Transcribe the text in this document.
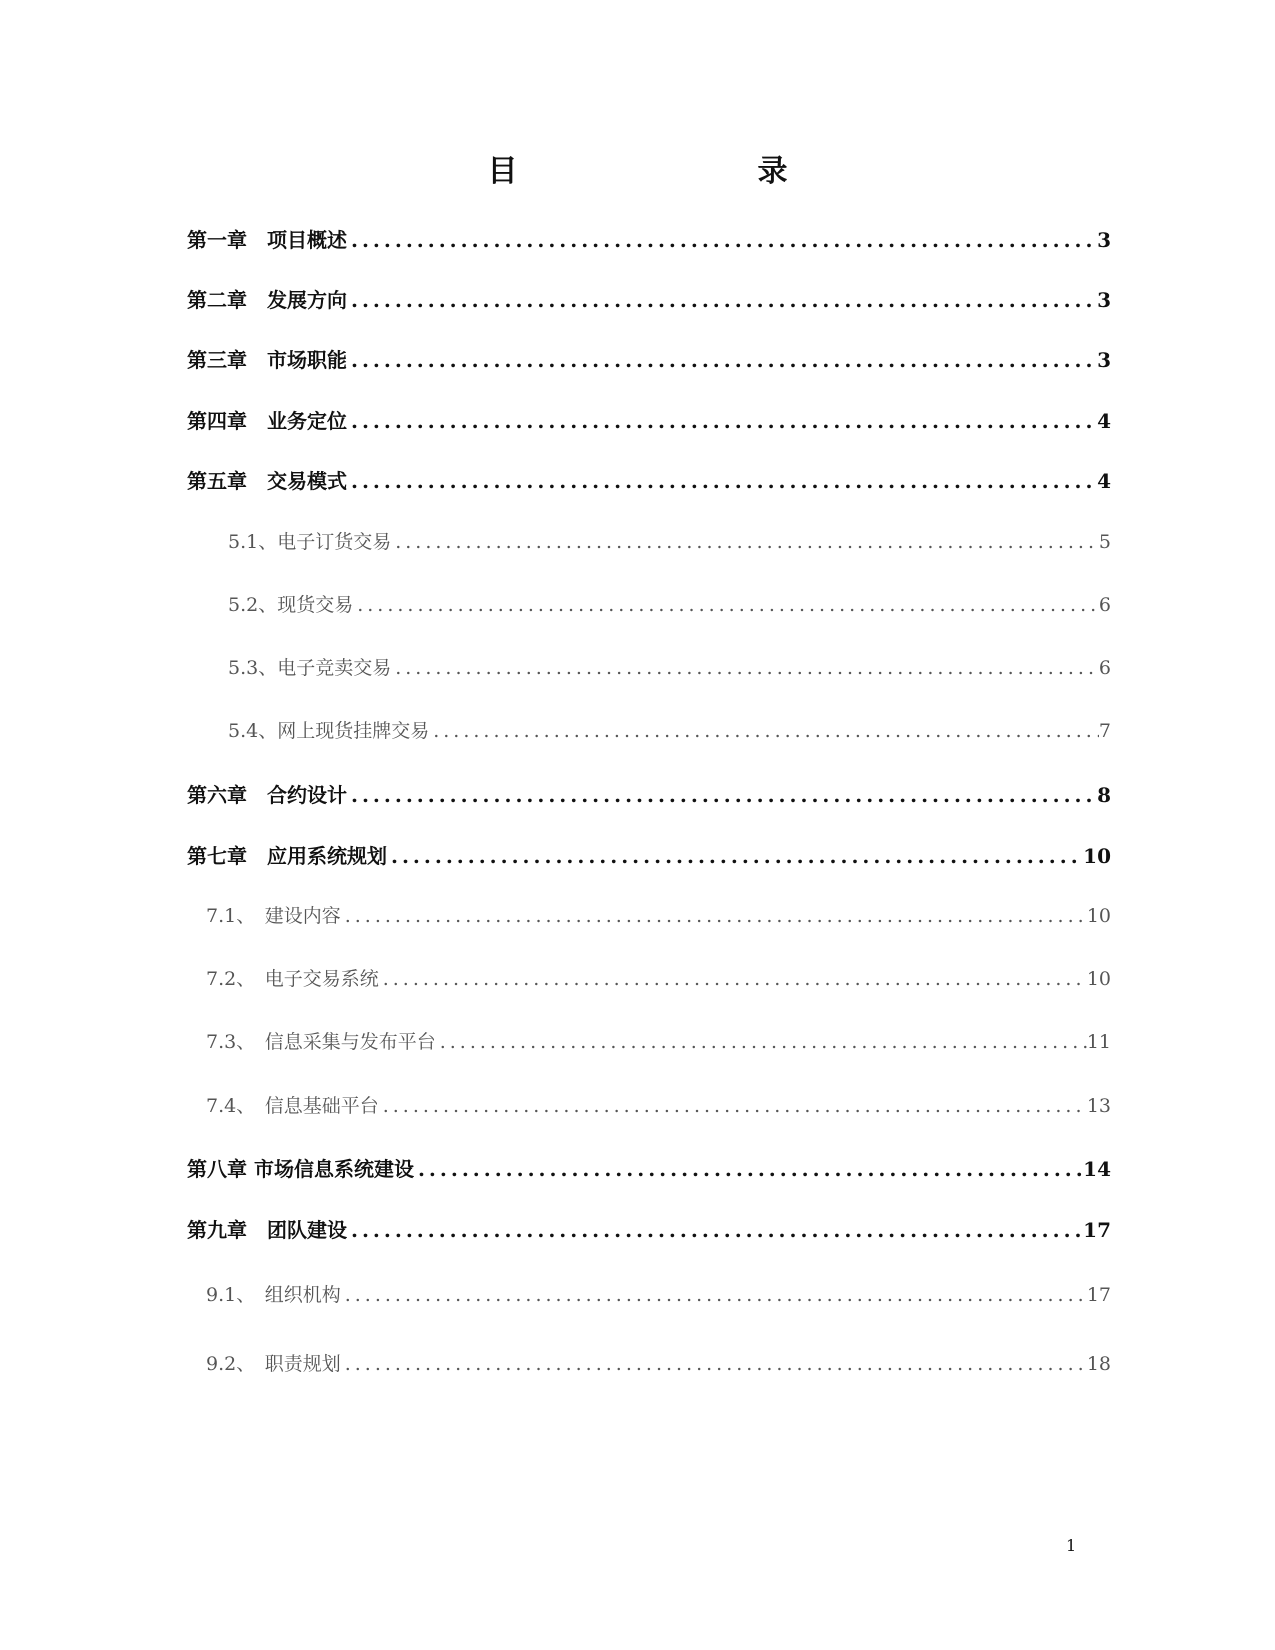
目　　录
第一章　项目概述 .....	3
第二章　发展方向 .....	3
第三章　市场职能 .....	3
第四章　业务定位 .....	4
第五章　交易模式 .....	4
5.1、电子订货交易 .....	5
5.2、现货交易 .....	6
5.3、电子竞卖交易 .....	6
5.4、网上现货挂牌交易 .....	7
第六章　合约设计 .....	8
第七章　应用系统规划 .....	10
7.1、　建设内容 .....	10
7.2、　电子交易系统 .....	10
7.3、　信息采集与发布平台 .....	11
7.4、　信息基础平台 .....	13
第八章 市场信息系统建设 .....	14
第九章　团队建设 .....	17
9.1、　组织机构 .....	17
9.2、　职责规划 .....	18
1
